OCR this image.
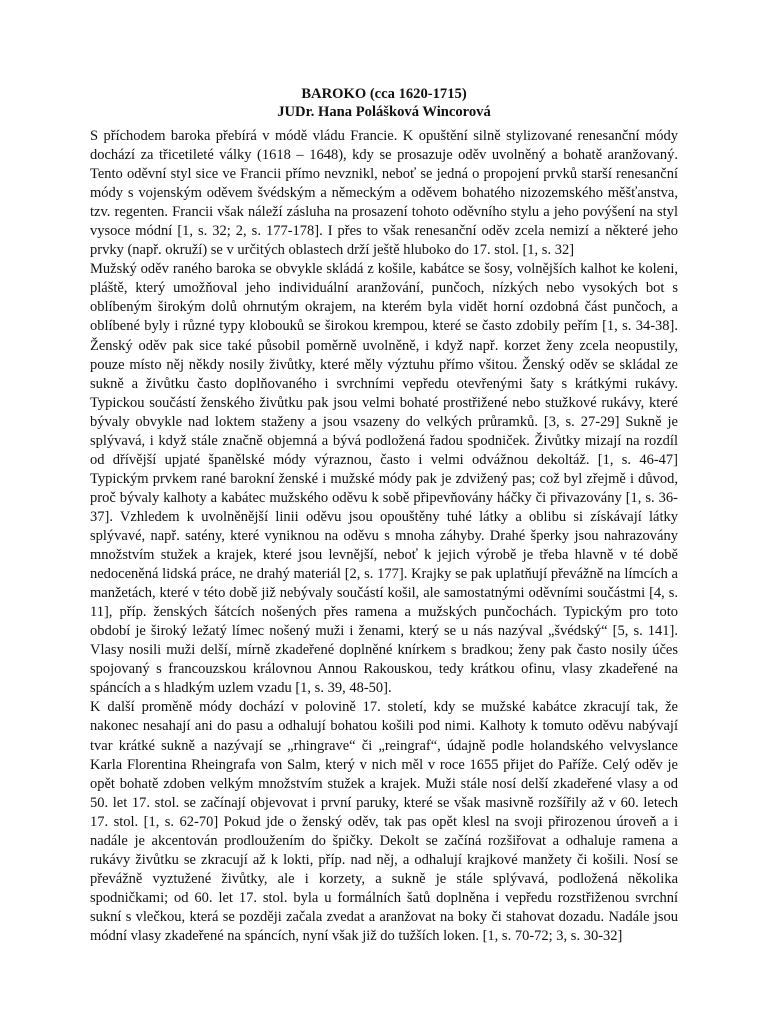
BAROKO (cca 1620-1715)
JUDr. Hana Polášková Wincorová

S příchodem baroka přebírá v módě vládu Francie. K opuštění silně stylizované renesanční módy dochází za třicetileté války (1618 – 1648), kdy se prosazuje oděv uvolněný a bohatě aranžovaný. Tento oděvní styl sice ve Francii přímo nevznikl, neboť se jedná o propojení prvků starší renesanční módy s vojenským oděvem švédským a německým a oděvem bohatého nizozemského měšťanstva, tzv. regenten. Francii však náleží zásluha na prosazení tohoto oděvního stylu a jeho povýšení na styl vysoce módní [1, s. 32; 2, s. 177-178]. I přes to však renesanční oděv zcela nemizí a některé jeho prvky (např. okruží) se v určitých oblastech drží ještě hluboko do 17. stol. [1, s. 32]

Mužský oděv raného baroka se obvykle skládá z košile, kabátce se šosy, volnějších kalhot ke koleni, pláště, který umožňoval jeho individuální aranžování, punčoch, nízkých nebo vysokých bot s oblíbeným širokým dolů ohrnutým okrajem, na kterém byla vidět horní ozdobná část punčoch, a oblíbené byly i různé typy klobouků se širokou krempou, které se často zdobily peřím [1, s. 34-38]. Ženský oděv pak sice také působil poměrně uvolněně, i když např. korzet ženy zcela neopustily, pouze místo něj někdy nosily živůtky, které měly výztuhu přímo všitou. Ženský oděv se skládal ze sukně a živůtku často doplňovaného i svrchními vepředu otevřenými šaty s krátkými rukávy. Typickou součástí ženského živůtku pak jsou velmi bohaté prostřižené nebo stužkové rukávy, které bývaly obvykle nad loktem staženy a jsou vsazeny do velkých průramků. [3, s. 27-29] Sukně je splývavá, i když stále značně objemná a bývá podložená řadou spodniček. Živůtky mizají na rozdíl od dřívější upjaté španělské módy výraznou, často i velmi odvážnou dekoltáž. [1, s. 46-47] Typickým prvkem rané barokní ženské i mužské módy pak je zdvižený pas; což byl zřejmě i důvod, proč bývaly kalhoty a kabátec mužského oděvu k sobě připevňovány háčky či přivazovány [1, s. 36-37]. Vzhledem k uvolněnější linii oděvu jsou opouštěny tuhé látky a oblibu si získávají látky splývavé, např. satény, které vyniknou na oděvu s mnoha záhyby. Drahé šperky jsou nahrazovány množstvím stužek a krajek, které jsou levnější, neboť k jejich výrobě je třeba hlavně v té době nedoceněná lidská práce, ne drahý materiál [2, s. 177]. Krajky se pak uplatňují převážně na límcích a manžetách, které v této době již nebývaly součástí košil, ale samostatnými oděvními součástmi [4, s. 11], příp. ženských šátcích nošených přes ramena a mužských punčochách. Typickým pro toto období je široký ležatý límec nošený muži i ženami, který se u nás nazýval „švédský“ [5, s. 141]. Vlasy nosili muži delší, mírně zkadeřené doplněné knírkem s bradkou; ženy pak často nosily účes spojovaný s francouzskou královnou Annou Rakouskou, tedy krátkou ofinu, vlasy zkadeřené na spáncích a s hladkým uzlem vzadu [1, s. 39, 48-50].

K další proměně módy dochází v polovině 17. století, kdy se mužské kabátce zkracují tak, že nakonec nesahají ani do pasu a odhalují bohatou košili pod nimi. Kalhoty k tomuto oděvu nabývají tvar krátké sukně a nazývají se „rhingrave“ či „reingraf“, údajně podle holandského velvyslance Karla Florentina Rheingrafa von Salm, který v nich měl v roce 1655 přijet do Paříže. Celý oděv je opět bohatě zdoben velkým množstvím stužek a krajek. Muži stále nosí delší zkadeřené vlasy a od 50. let 17. stol. se začínají objevovat i první paruky, které se však masivně rozšířily až v 60. letech 17. stol. [1, s. 62-70] Pokud jde o ženský oděv, tak pas opět klesl na svoji přirozenou úroveň a i nadále je akcentován prodloužením do špičky. Dekolt se začíná rozšiřovat a odhaluje ramena a rukávy živůtku se zkracují až k lokti, příp. nad něj, a odhalují krajkové manžety či košili. Nosí se převážně vyztužené živůtky, ale i korzety, a sukně je stále splývavá, podložená několika spodničkami; od 60. let 17. stol. byla u formálních šatů doplněna i vepředu rozstřiženou svrchní sukní s vlečkou, která se později začala zvedat a aranžovat na boky či stahovat dozadu. Nadále jsou módní vlasy zkadeřené na spáncích, nyní však již do tužších loken. [1, s. 70-72; 3, s. 30-32]
